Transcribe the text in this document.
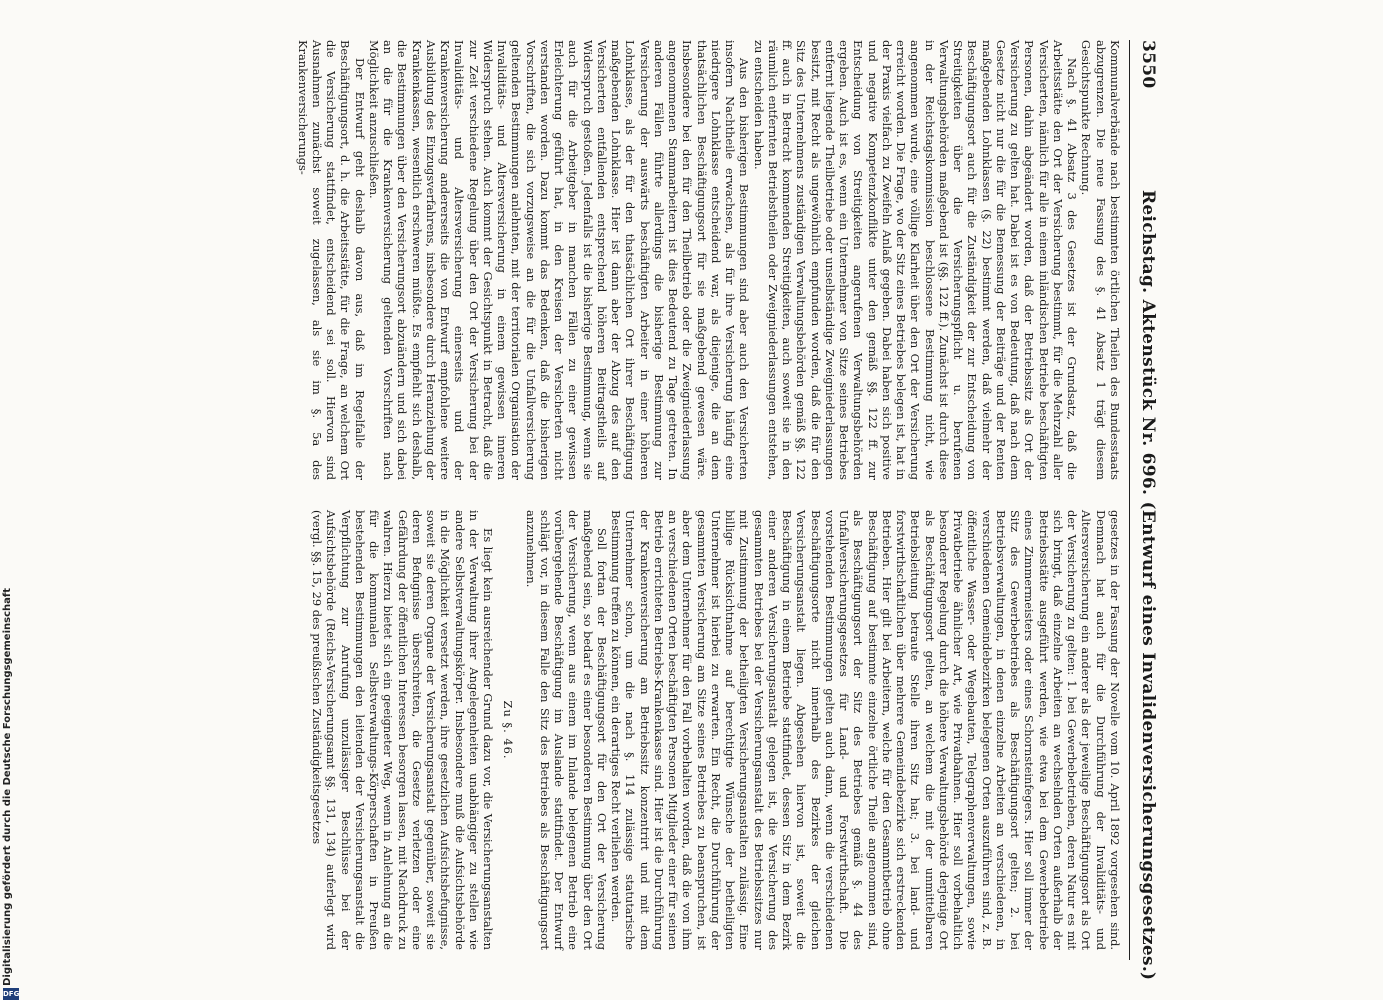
Digitalisierung gefördert durch die Deutsche Forschungsgemeinschaft
DFG
3550
Reichstag. Aktenstück Nr. 696. (Entwurf eines Invalidenversicherungsgesetzes.)

Kommunalverbände nach bestimmten örtlichen Theilen des Bundesstaats abzugrenzen. Die neue Fassung des §. 41 Absatz 1 trägt diesem Gesichtspunkte Rechnung.

Nach §. 41 Absatz 3 des Gesetzes ist der Grundsatz, daß die Arbeitsstätte den Ort der Versicherung bestimmt, für die Mehrzahl aller Versicherten, nämlich für alle in einem inländischen Betriebe beschäftigten Personen, dahin abgeändert worden, daß der Betriebssitz als Ort der Versicherung zu gelten hat. Dabei ist es von Bedeutung, daß nach dem Gesetze nicht nur die für die Bemessung der Beiträge und der Renten maßgebenden Lohnklassen (§. 22) bestimmt werden, daß vielmehr der Beschäftigungsort auch für die Zuständigkeit der zur Entscheidung von Streitigkeiten über die Versicherungspflicht u. berufenen Verwaltungsbehörden maßgebend ist (§§. 122 ff.). Zunächst ist durch diese in der Reichstagskommission beschlossene Bestimmung nicht, wie angenommen wurde, eine völlige Klarheit über den Ort der Versicherung erreicht worden. Die Frage, wo der Sitz eines Betriebes belegen ist, hat in der Praxis vielfach zu Zweifeln Anlaß gegeben. Dabei haben sich positive und negative Kompetenzkonflikte unter den gemäß §§. 122 ff. zur Entscheidung von Streitigkeiten angerufenen Verwaltungsbehörden ergeben. Auch ist es, wenn ein Unternehmer von Sitze seines Betriebes entfernt liegende Theilbetriebe oder unselbständige Zweigniederlassungen besitzt, mit Recht als ungewöhnlich empfunden worden, daß die für den Sitz des Unternehmens zuständigen Verwaltungsbehörden gemäß §§. 122 ff. auch in Betracht kommenden Streitigkeiten, auch soweit sie in den räumlich entfernten Betriebstheilen oder Zweigniederlassungen entstehen, zu entscheiden haben.

Aus den bisherigen Bestimmungen sind aber auch den Versicherten insofern Nachtheile erwachsen, als für ihre Versicherung häufig eine niedrigere Lohnklasse entscheidend war, als diejenige, die an dem thatsächlichen Beschäftigungsort für sie maßgebend gewesen wäre. Insbesondere bei den für den Theilbetrieb oder die Zweigniederlassung angenommenen Stammarbeitern ist dies Bedeutend zu Tage getreten. In anderen Fällen führte allerdings die bisherige Bestimmung zur Versicherung der auswärts beschäftigten Arbeiter in einer höheren Lohnklasse, als der für den thatsächlichen Ort ihrer Beschäftigung maßgebenden Lohnklasse. Hier ist dann aber der Abzug des auf den Versicherten entfallenden entsprechend höheren Beitragstheils auf Widerspruch gestoßen. Jedenfalls ist die bisherige Bestimmung, wenn sie auch für die Arbeitgeber in manchen Fällen zu einer gewissen Erleichterung geführt hat, in den Kreisen der Versicherten nicht verstanden worden. Dazu kommt das Bedenken, daß die bisherigen Vorschriften, die sich vorzugsweise an die für die Unfallversicherung geltenden Bestimmungen anlehnten, mit der territorialen Organisation der Invaliditäts- und Altersversicherung in einem gewissen inneren Widerspruch stehen. Auch kommt der Gesichtspunkt in Betracht, daß die zur Zeit verschiedene Regelung über den Ort der Versicherung bei der Invaliditäts- und Altersversicherung einerseits und der Krankenversicherung andererseits die von Entwurf empfohlene weitere Ausbildung des Einzugsverfahrens, insbesondere durch Heranziehung der Krankenkassen, wesentlich erschweren müßte. Es empfiehlt sich deshalb, die Bestimmungen über den Versicherungsort abzuändern und sich dabei an die für die Krankenversicherung geltenden Vorschriften nach Möglichkeit anzuschließen.

Der Entwurf geht deshalb davon aus, daß im Regelfalle der Beschäftigungsort, d. h. die Arbeitsstätte, für die Frage, an welchem Ort die Versicherung stattfindet, entscheidend sei soll. Hiervon sind Ausnahmen zunächst soweit zugelassen, als sie im §. 5a des Krankenversicherungs-

gesetzes in der Fassung der Novelle vom 10. April 1892 vorgesehen sind. Demnach hat auch für die Durchführung der Invaliditäts- und Altersversicherung ein anderer als der jeweilige Beschäftigungsort als Ort der Versicherung zu gelten: 1. bei Gewerbebetrieben, deren Natur es mit sich bringt, daß einzelne Arbeiten an wechselnden Orten außerhalb der Betriebsstätte ausgeführt werden, wie etwa bei dem Gewerbebetriebe eines Zimmermeisters oder eines Schornsteinfegers. Hier soll immer der Sitz des Gewerbebetriebes als Beschäftigungsort gelten; 2. bei Betriebsverwaltungen, in denen einzelne Arbeiten an verschiedenen, in verschiedenen Gemeindebezirken belegenen Orten auszuführen sind, z. B. öffentliche Wasser- oder Wegebauten, Telegraphenverwaltungen, sowie Privatbetriebe ähnlicher Art, wie Privatbahnen. Hier soll vorbehaltlich besonderer Regelung durch die höhere Verwaltungsbehörde derjenige Ort als Beschäftigungsort gelten, an welchem die mit der unmittelbaren Betriebsleitung betraute Stelle ihren Sitz hat; 3. bei land- und forstwirthschaftlichen über mehrere Gemeindebezirke sich erstreckenden Betrieben. Hier gilt bei Arbeitern, welche für den Gesammtbetrieb ohne Beschäftigung auf bestimmte einzelne örtliche Theile angenommen sind, als Beschäftigungsort der Sitz des Betriebes gemäß §. 44 des Unfallversicherungsgesetzes für Land- und Forstwirthschaft. Die vorstehenden Bestimmungen gelten auch dann, wenn die verschiedenen Beschäftigungsorte nicht innerhalb des Bezirkes der gleichen Versicherungsanstalt liegen. Abgesehen hiervon ist, soweit die Beschäftigung in einem Betriebe stattfindet, dessen Sitz in dem Bezirk einer anderen Versicherungsanstalt gelegen ist, die Versicherung des gesammten Betriebes bei der Versicherungsanstalt des Betriebssitzes nur mit Zustimmung der betheiligten Versicherungsanstalten zulässig. Eine billige Rücksichtnahme auf berechtigte Wünsche der betheiligten Unternehmer ist hierbei zu erwarten. Ein Recht, die Durchführung der gesammten Versicherung am Sitze seines Betriebes zu beanspruchen, ist aber dem Unternehmer für den Fall vorbehalten worden, daß die von ihm an verschiedenen Orten beschäftigten Personen Mitglieder einer für seinen Betrieb errichteten Betriebs-Krankenkasse sind. Hier ist die Durchführung der Krankenversicherung am Betriebssitz konzentrirt und mit dem Unternehmer schon, um die nach §. 114 zulässige statutarische Bestimmung treffen zu können, ein derartiges Recht verliehen werden.

Soll fortan der Beschäftigungsort für den Ort der Versicherung maßgebend sein, so bedarf es einer besonderen Bestimmung über den Ort der Versicherung, wenn aus einem im Inlande belegenen Betrieb eine vorübergehende Beschäftigung im Auslande stattfindet. Der Entwurf schlägt vor, in diesem Falle den Sitz des Betriebes als Beschäftigungsort anzunehmen.

Zu §. 46.

Es liegt kein ausreichender Grund dazu vor, die Versicherungsanstalten in der Verwaltung ihrer Angelegenheiten unabhängiger zu stellen wie andere Selbstverwaltungskörper. Insbesondere muß die Aufsichtsbehörde in die Möglichkeit versetzt werden, ihre gesetzlichen Aufsichtsbefugnisse, soweit sie deren Organe der Versicherungsanstalt gegenüber, soweit sie deren Befugnisse überschreiten, die Gesetze verletzen oder eine Gefährdung der öffentlichen Interessen besorgen lassen, mit Nachdruck zu wahren. Hierzu bietet sich ein geeigneter Weg, wenn in Anlehnung an die für die kommunalen Selbstverwaltungs-Körperschaften in Preußen bestehenden Bestimmungen den leitenden der Versicherungsanstalt die Verpflichtung zur Anrufung unzulässiger Beschlüsse bei der Aufsichtsbehörde (Reichs-Versicherungsamt §§. 131, 134) auferlegt wird (vergl. §§. 15, 29 des preußischen Zuständigkeitsgesetzes
